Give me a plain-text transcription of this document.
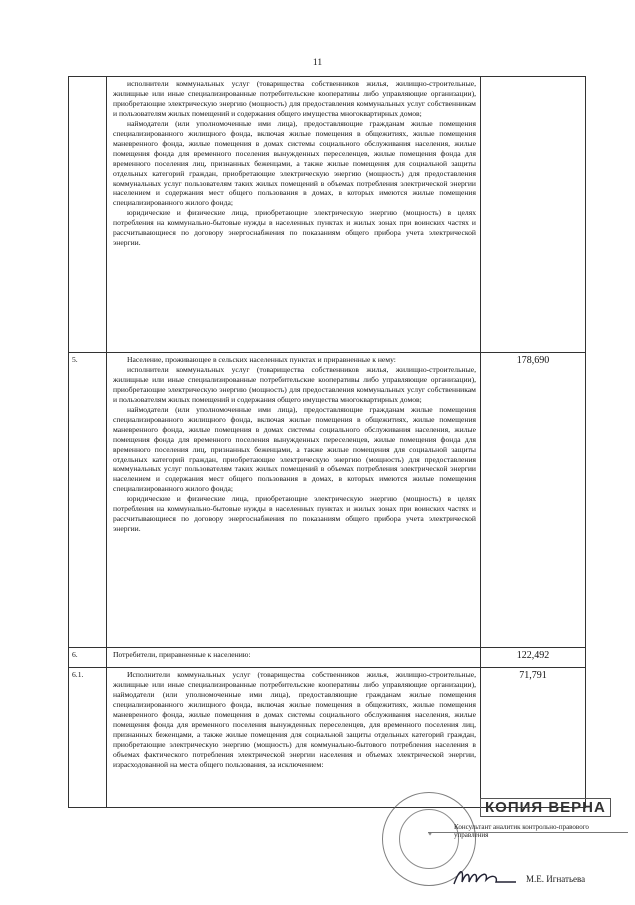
11

	исполнители коммунальных услуг (товарищества собственников жилья, жилищно-строительные, жилищные или иные специализированные потребительские кооперативы либо управляющие организации), приобретающие электрическую энергию (мощность) для предоставления коммунальных услуг собственникам и пользователям жилых помещений и содержания общего имущества многоквартирных домов;

наймодатели (или уполномоченные ими лица), предоставляющие гражданам жилые помещения специализированного жилищного фонда, включая жилые помещения в общежитиях, жилые помещения маневренного фонда, жилые помещения в домах системы социального обслуживания населения, жилые помещения фонда для временного поселения вынужденных переселенцев, жилые помещения фонда для временного поселения лиц, признанных беженцами, а также жилые помещения для социальной защиты отдельных категорий граждан, приобретающие электрическую энергию (мощность) для предоставления коммунальных услуг пользователям таких жилых помещений в объемах потребления электрической энергии населением и содержания мест общего пользования в домах, в которых имеются жилые помещения специализированного жилого фонда;

юридические и физические лица, приобретающие электрическую энергию (мощность) в целях потребления на коммунально-бытовые нужды в населенных пунктах и жилых зонах при воинских частях и рассчитывающиеся по договору энергоснабжения по показаниям общего прибора учета электрической энергии.	

5.	Население, проживающее в сельских населенных пунктах и приравненные к нему:

исполнители коммунальных услуг (товарищества собственников жилья, жилищно-строительные, жилищные или иные специализированные потребительские кооперативы либо управляющие организации), приобретающие электрическую энергию (мощность) для предоставления коммунальных услуг собственникам и пользователям жилых помещений и содержания общего имущества многоквартирных домов;

наймодатели (или уполномоченные ими лица), предоставляющие гражданам жилые помещения специализированного жилищного фонда, включая жилые помещения в общежитиях, жилые помещения маневренного фонда, жилые помещения в домах системы социального обслуживания населения, жилые помещения фонда для временного поселения вынужденных переселенцев, жилые помещения фонда для временного поселения лиц, признанных беженцами, а также жилые помещения для социальной защиты отдельных категорий граждан, приобретающие электрическую энергию (мощность) для предоставления коммунальных услуг пользователям таких жилых помещений в объемах потребления электрической энергии населением и содержания мест общего пользования в домах, в которых имеются жилые помещения специализированного жилого фонда;

юридические и физические лица, приобретающие электрическую энергию (мощность) в целях потребления на коммунально-бытовые нужды в населенных пунктах и жилых зонах при воинских частях и рассчитывающиеся по договору энергоснабжения по показаниям общего прибора учета электрической энергии.	178,690
6.	Потребители, приравненные к населению:	122,492
6.1.	Исполнители коммунальных услуг (товарищества собственников жилья, жилищно-строительные, жилищные или иные специализированные потребительские кооперативы либо управляющие организации), наймодатели (или уполномоченные ими лица), предоставляющие гражданам жилые помещения специализированного жилищного фонда, включая жилые помещения в общежитиях, жилые помещения маневренного фонда, жилые помещения в домах системы социального обслуживания населения, жилые помещения фонда для временного поселения вынужденных переселенцев, для временного поселения лиц, признанных беженцами, а также жилые помещения для социальной защиты отдельных категорий граждан, приобретающие электрическую энергию (мощность) для коммунально-бытового потребления населения в объемах фактического потребления электрической энергии населения и объемах электрической энергии, израсходованной на места общего пользования, за исключением:	71,791
✦
КОПИЯ ВЕРНА
Консультант аналитик контрольно-правового управления
М.Е. Игнатьева
